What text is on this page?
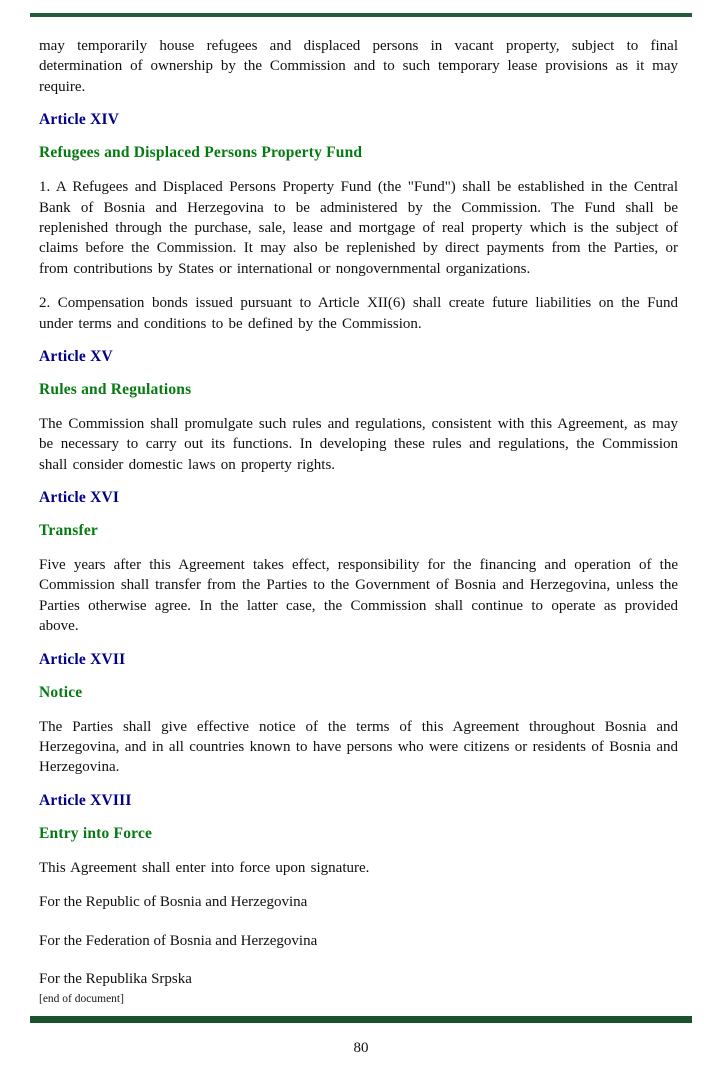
may temporarily house refugees and displaced persons in vacant property, subject to final determination of ownership by the Commission and to such temporary lease provisions as it may require.

Article XIV
Refugees and Displaced Persons Property Fund

1. A Refugees and Displaced Persons Property Fund (the "Fund") shall be established in the Central Bank of Bosnia and Herzegovina to be administered by the Commission. The Fund shall be replenished through the purchase, sale, lease and mortgage of real property which is the subject of claims before the Commission. It may also be replenished by direct payments from the Parties, or from contributions by States or international or nongovernmental organizations.

2. Compensation bonds issued pursuant to Article XII(6) shall create future liabilities on the Fund under terms and conditions to be defined by the Commission.

Article XV
Rules and Regulations

The Commission shall promulgate such rules and regulations, consistent with this Agreement, as may be necessary to carry out its functions. In developing these rules and regulations, the Commission shall consider domestic laws on property rights.

Article XVI
Transfer

Five years after this Agreement takes effect, responsibility for the financing and operation of the Commission shall transfer from the Parties to the Government of Bosnia and Herzegovina, unless the Parties otherwise agree. In the latter case, the Commission shall continue to operate as provided above.

Article XVII
Notice

The Parties shall give effective notice of the terms of this Agreement throughout Bosnia and Herzegovina, and in all countries known to have persons who were citizens or residents of Bosnia and Herzegovina.

Article XVIII
Entry into Force

This Agreement shall enter into force upon signature.

For the Republic of Bosnia and Herzegovina

For the Federation of Bosnia and Herzegovina

For the Republika Srpska

[end of document]
80
